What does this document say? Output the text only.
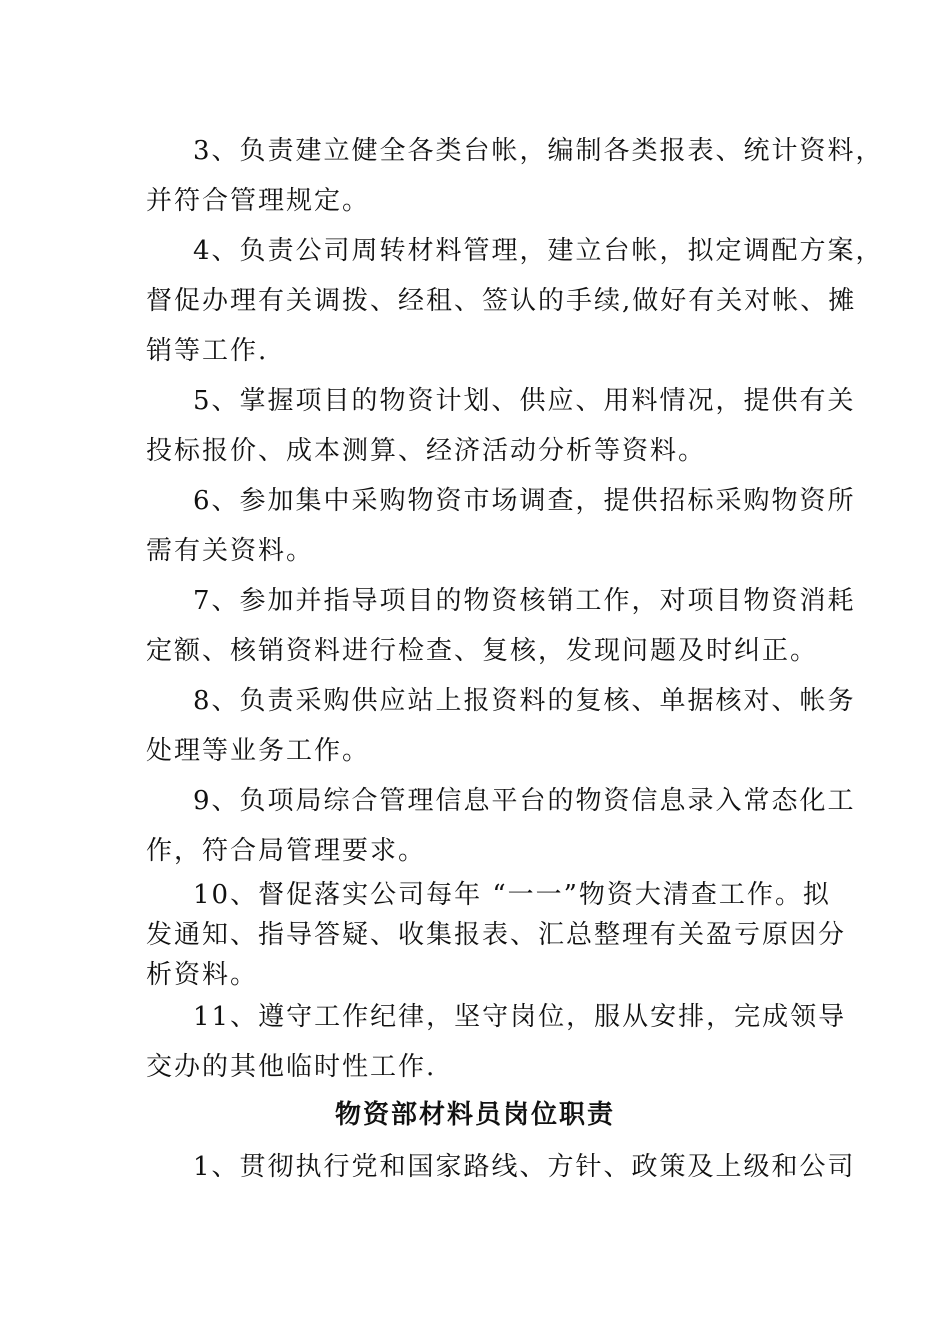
3、负责建立健全各类台帐，编制各类报表、统计资料，
并符合管理规定。
4、负责公司周转材料管理，建立台帐，拟定调配方案，
督促办理有关调拨、经租、签认的手续,做好有关对帐、摊
销等工作.
5、掌握项目的物资计划、供应、用料情况，提供有关
投标报价、成本测算、经济活动分析等资料。
6、参加集中采购物资市场调查，提供招标采购物资所
需有关资料。
7、参加并指导项目的物资核销工作，对项目物资消耗
定额、核销资料进行检查、复核，发现问题及时纠正。
8、负责采购供应站上报资料的复核、单据核对、帐务
处理等业务工作。
9、负项局综合管理信息平台的物资信息录入常态化工
作，符合局管理要求。
10、督促落实公司每年 “一一”物资大清查工作。拟
发通知、指导答疑、收集报表、汇总整理有关盈亏原因分
析资料。
11、遵守工作纪律，坚守岗位，服从安排，完成领导
交办的其他临时性工作.
物资部材料员岗位职责
1、贯彻执行党和国家路线、方针、政策及上级和公司
